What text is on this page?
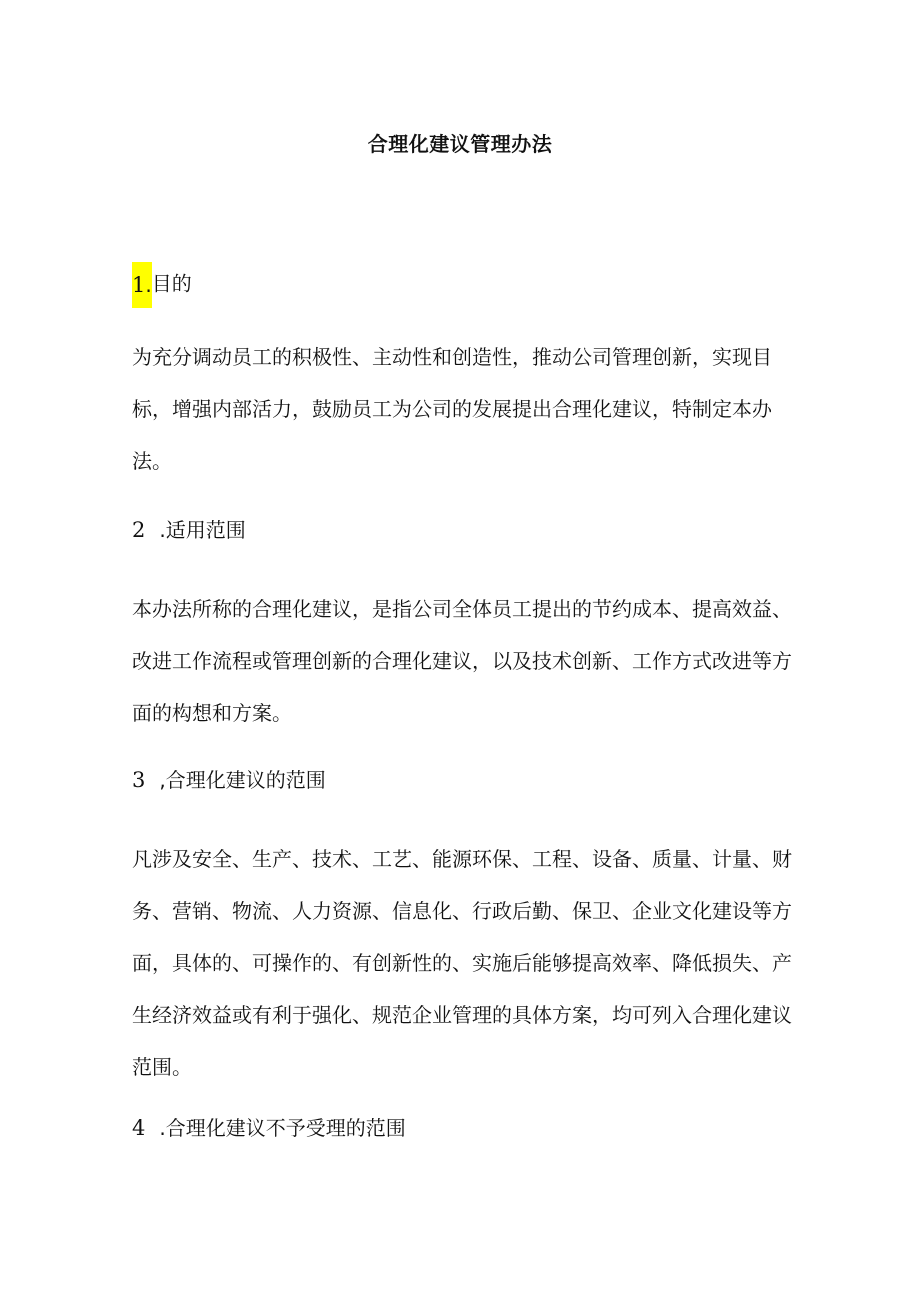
合理化建议管理办法
1.目的

为充分调动员工的积极性、主动性和创造性，推动公司管理创新，实现目标，增强内部活力，鼓励员工为公司的发展提出合理化建议，特制定本办法。

2 .适用范围

本办法所称的合理化建议，是指公司全体员工提出的节约成本、提高效益、改进工作流程或管理创新的合理化建议，以及技术创新、工作方式改进等方面的构想和方案。

3 ,合理化建议的范围

凡涉及安全、生产、技术、工艺、能源环保、工程、设备、质量、计量、财务、营销、物流、人力资源、信息化、行政后勤、保卫、企业文化建设等方面，具体的、可操作的、有创新性的、实施后能够提高效率、降低损失、产生经济效益或有利于强化、规范企业管理的具体方案，均可列入合理化建议范围。

4 .合理化建议不予受理的范围
